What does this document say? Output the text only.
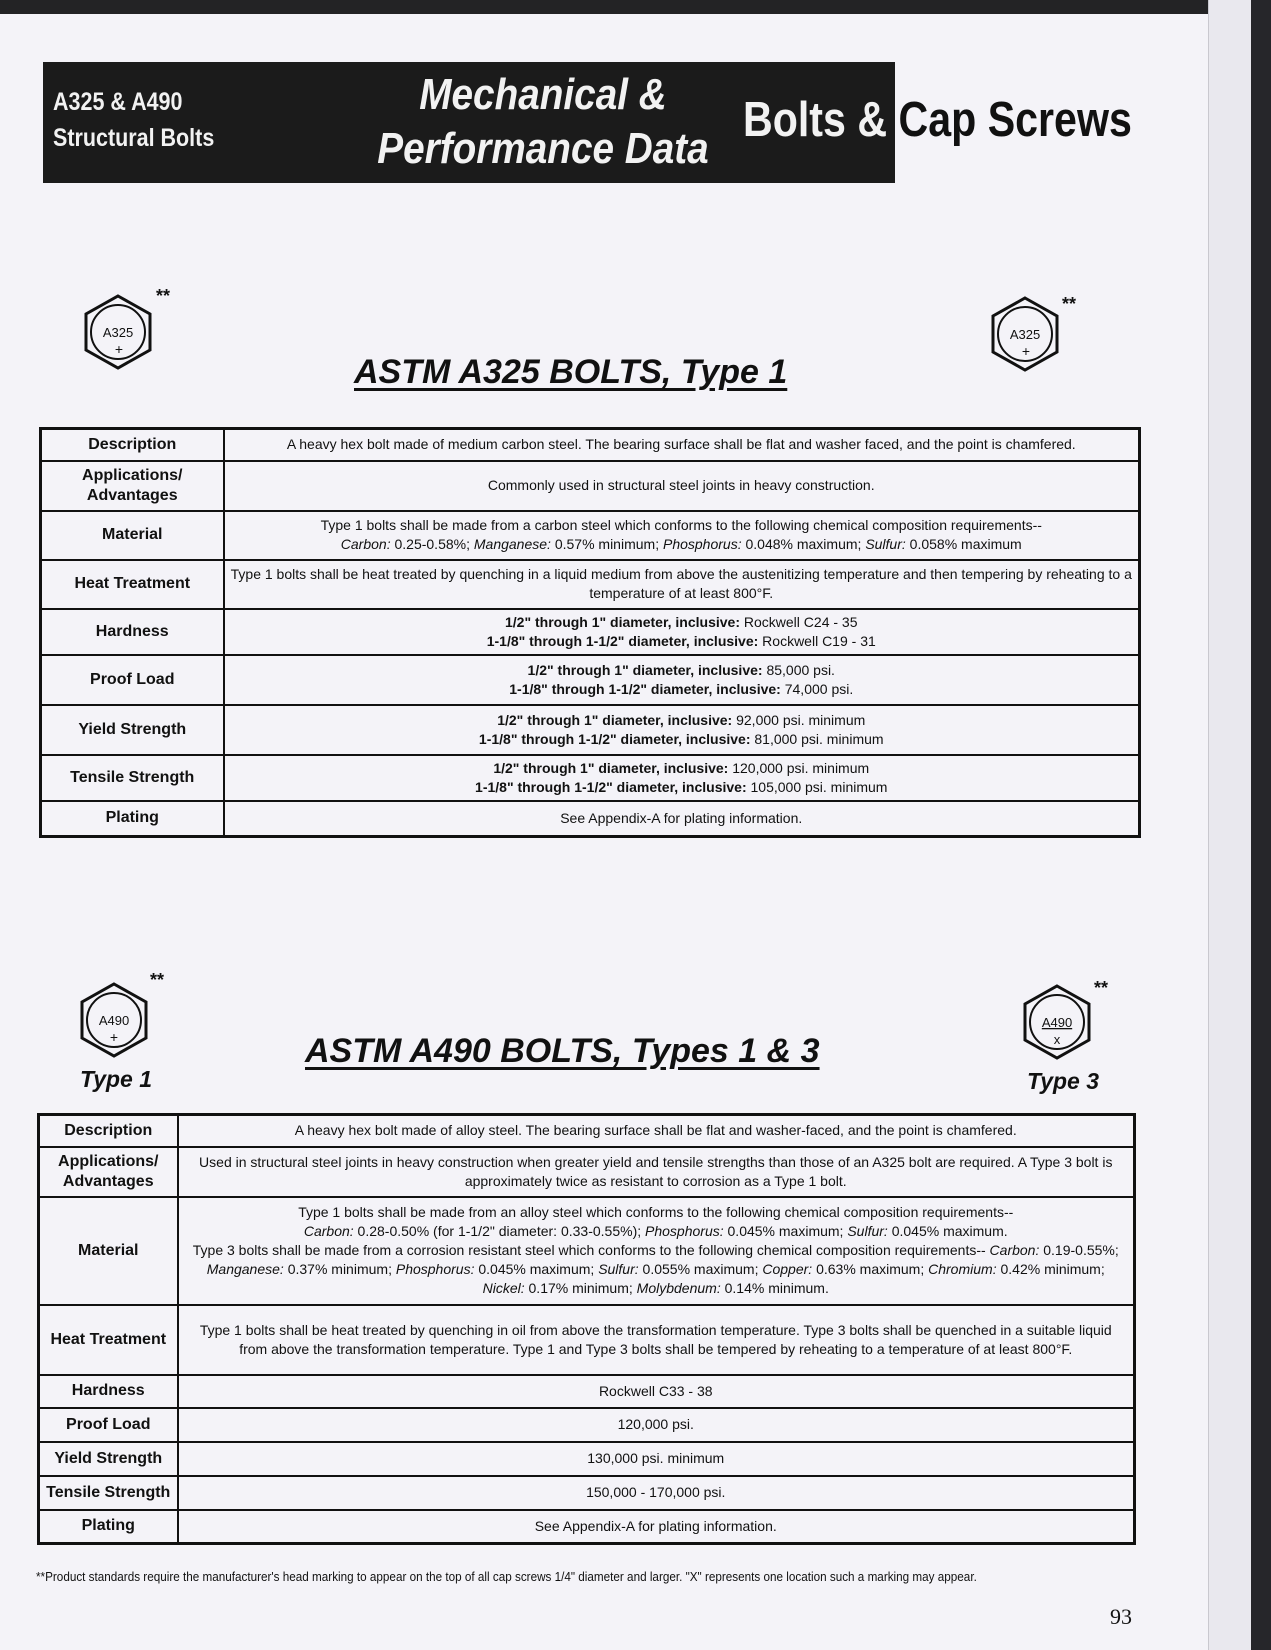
A325 & A490
Structural Bolts
Mechanical &
Performance Data
Bolts & Cap Screws
A325
+
**
A325
+
**
ASTM A325 BOLTS, Type 1
Description	A heavy hex bolt made of medium carbon steel. The bearing surface shall be flat and washer faced, and the point is chamfered.

Applications/
Advantages	Commonly used in structural steel joints in heavy construction.
Material	Type 1 bolts shall be made from a carbon steel which conforms to the following chemical composition requirements--
Carbon: 0.25-0.58%; Manganese: 0.57% minimum; Phosphorus: 0.048% maximum; Sulfur: 0.058% maximum

Heat Treatment	Type 1 bolts shall be heat treated by quenching in a liquid medium from above the austenitizing temperature and then tempering by reheating to a temperature of at least 800°F.
Hardness	1/2" through 1" diameter, inclusive: Rockwell C24 - 35
1-1/8" through 1-1/2" diameter, inclusive: Rockwell C19 - 31

Proof Load	1/2" through 1" diameter, inclusive: 85,000 psi.
1-1/8" through 1-1/2" diameter, inclusive: 74,000 psi.

Yield Strength	1/2" through 1" diameter, inclusive: 92,000 psi. minimum
1-1/8" through 1-1/2" diameter, inclusive: 81,000 psi. minimum

Tensile Strength	1/2" through 1" diameter, inclusive: 120,000 psi. minimum
1-1/8" through 1-1/2" diameter, inclusive: 105,000 psi. minimum

Plating	See Appendix-A for plating information.
A490
+
**
Type 1
A490
x
**
Type 3
ASTM A490 BOLTS, Types 1 & 3
Description	A heavy hex bolt made of alloy steel. The bearing surface shall be flat and washer-faced, and the point is chamfered.

Applications/
Advantages	Used in structural steel joints in heavy construction when greater yield and tensile strengths than those of an A325 bolt are required. A Type 3 bolt is approximately twice as resistant to corrosion as a Type 1 bolt.
Material	Type 1 bolts shall be made from an alloy steel which conforms to the following chemical composition requirements--
Carbon: 0.28-0.50% (for 1-1/2" diameter: 0.33-0.55%); Phosphorus: 0.045% maximum; Sulfur: 0.045% maximum.
Type 3 bolts shall be made from a corrosion resistant steel which conforms to the following chemical composition requirements-- Carbon: 0.19-0.55%; Manganese: 0.37% minimum; Phosphorus: 0.045% maximum; Sulfur: 0.055% maximum; Copper: 0.63% maximum; Chromium: 0.42% minimum; Nickel: 0.17% minimum; Molybdenum: 0.14% minimum.

Heat Treatment	Type 1 bolts shall be heat treated by quenching in oil from above the transformation temperature. Type 3 bolts shall be quenched in a suitable liquid from above the transformation temperature. Type 1 and Type 3 bolts shall be tempered by reheating to a temperature of at least 800°F.
Hardness	Rockwell C33 - 38
Proof Load	120,000 psi.
Yield Strength	130,000 psi. minimum
Tensile Strength	150,000 - 170,000 psi.
Plating	See Appendix-A for plating information.
**Product standards require the manufacturer's head marking to appear on the top of all cap screws 1/4" diameter and larger. "X" represents one location such a marking may appear.
93
